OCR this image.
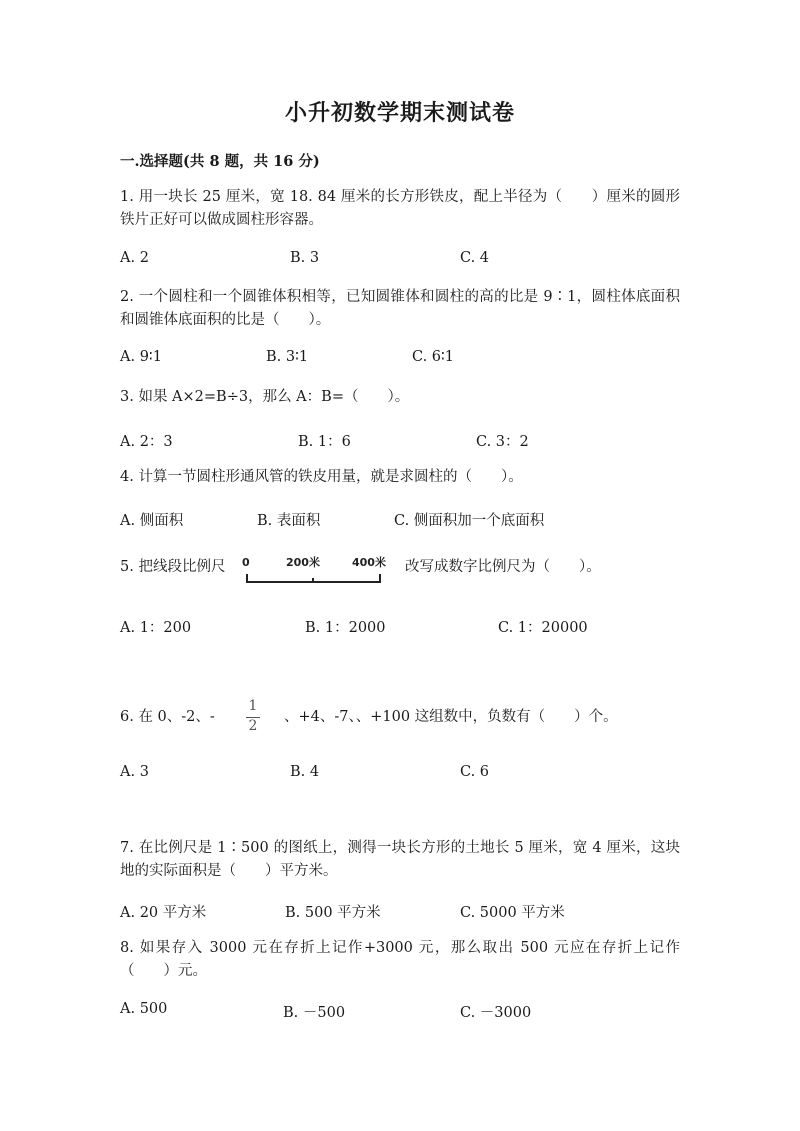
小升初数学期末测试卷
一.选择题(共 8 题，共 16 分)
1. 用一块长 25 厘米，宽 18. 84 厘米的长方形铁皮，配上半径为（　　）厘米的圆形铁片正好可以做成圆柱形容器。
A. 2	B. 3	C. 4
2. 一个圆柱和一个圆锥体积相等，已知圆锥体和圆柱的高的比是 9∶1，圆柱体底面积和圆锥体底面积的比是（　　）。
A. 9∶1	B. 3∶1	C. 6∶1
3. 如果 A×2=B÷3，那么 A：B=（　　）。
A. 2：3	B. 1：6	C. 3：2
4. 计算一节圆柱形通风管的铁皮用量，就是求圆柱的（　　）。
A. 侧面积	B. 表面积	C. 侧面积加一个底面积
5. 把线段比例尺 0	200米	400米 改写成数字比例尺为（　　）。
A. 1：200	B. 1：2000	C. 1：20000
6. 在 0、-2、-
1
2
、+4、-7、、+100 这组数中，负数有（　　）个。
A. 3	B. 4	C. 6
7. 在比例尺是 1∶500 的图纸上，测得一块长方形的土地长 5 厘米，宽 4 厘米，这块地的实际面积是（　　）平方米。
A. 20 平方米	B. 500 平方米	C. 5000 平方米
8. 如果存入 3000 元在存折上记作+3000 元，那么取出 500 元应在存折上记作（　　）元。
A. 500	B. －500	C. －3000
